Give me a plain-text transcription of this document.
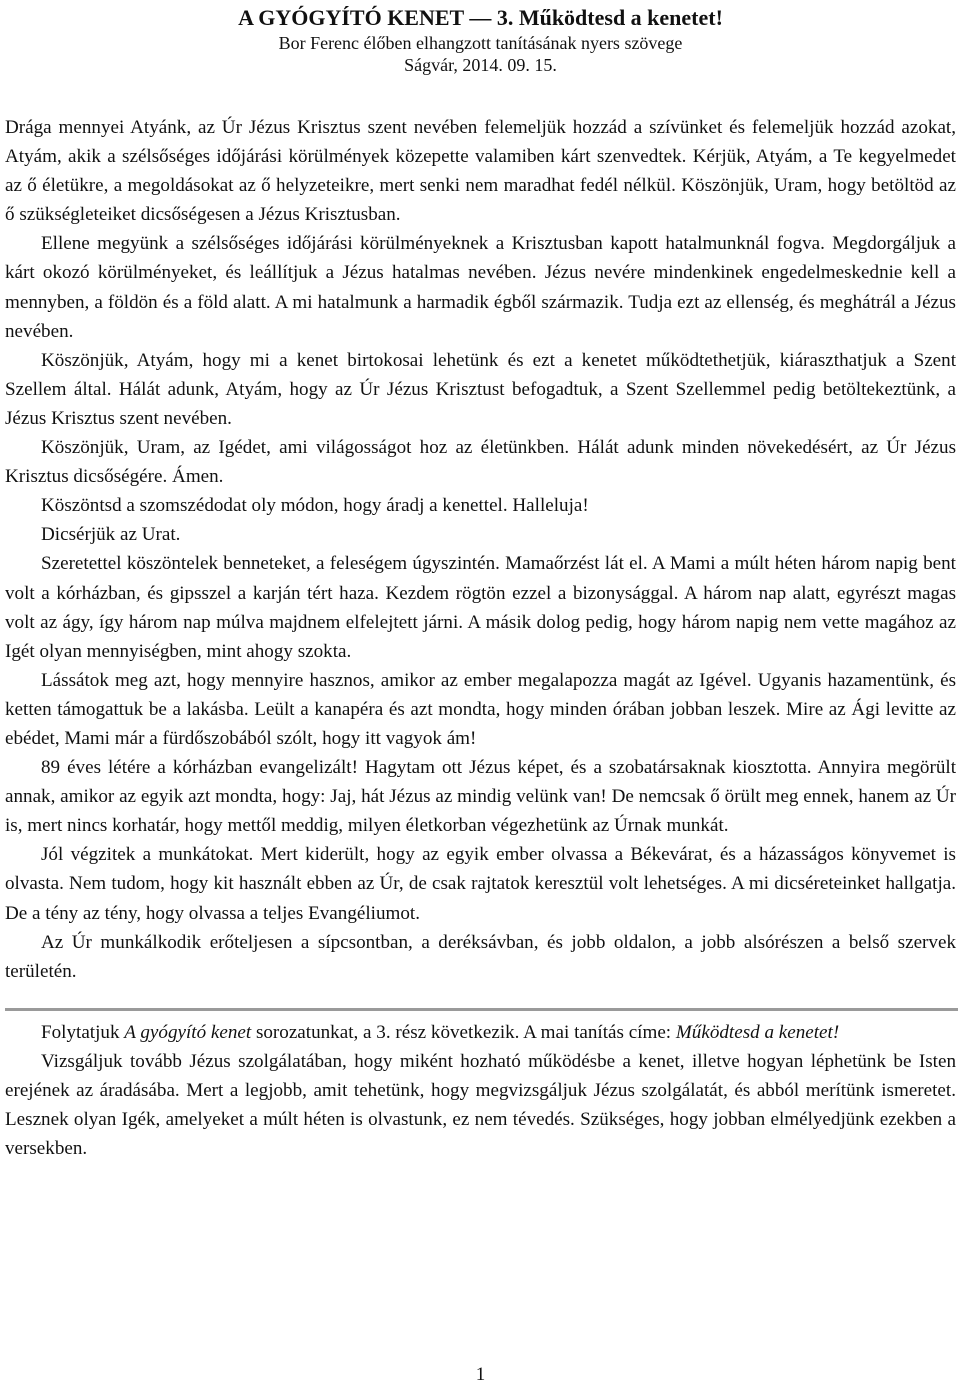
A GYÓGYÍTÓ KENET — 3. Működtesd a kenetet!

Bor Ferenc élőben elhangzott tanításának nyers szövege

Ságvár, 2014. 09. 15.

Drága mennyei Atyánk, az Úr Jézus Krisztus szent nevében felemeljük hozzád a szívünket és felemeljük hozzád azokat, Atyám, akik a szélsőséges időjárási körülmények közepette valamiben kárt szenvedtek. Kérjük, Atyám, a Te kegyelmedet az ő életükre, a megoldásokat az ő helyzeteikre, mert senki nem maradhat fedél nélkül. Köszönjük, Uram, hogy betöltöd az ő szükségleteiket dicsőségesen a Jézus Krisztusban.

Ellene megyünk a szélsőséges időjárási körülményeknek a Krisztusban kapott hatalmunknál fogva. Megdorgáljuk a kárt okozó körülményeket, és leállítjuk a Jézus hatalmas nevében. Jézus nevére mindenkinek engedelmeskednie kell a mennyben, a földön és a föld alatt. A mi hatalmunk a harmadik égből származik. Tudja ezt az ellenség, és meghátrál a Jézus nevében.

Köszönjük, Atyám, hogy mi a kenet birtokosai lehetünk és ezt a kenetet működtethetjük, kiáraszthatjuk a Szent Szellem által. Hálát adunk, Atyám, hogy az Úr Jézus Krisztust befogadtuk, a Szent Szellemmel pedig betöltekeztünk, a Jézus Krisztus szent nevében.

Köszönjük, Uram, az Igédet, ami világosságot hoz az életünkben. Hálát adunk minden növekedésért, az Úr Jézus Krisztus dicsőségére. Ámen.

Köszöntsd a szomszédodat oly módon, hogy áradj a kenettel. Halleluja!

Dicsérjük az Urat.

Szeretettel köszöntelek benneteket, a feleségem úgyszintén. Mamaőrzést lát el. A Mami a múlt héten három napig bent volt a kórházban, és gipsszel a karján tért haza. Kezdem rögtön ezzel a bizonysággal. A három nap alatt, egyrészt magas volt az ágy, így három nap múlva majdnem elfelejtett járni. A másik dolog pedig, hogy három napig nem vette magához az Igét olyan mennyiségben, mint ahogy szokta.

Lássátok meg azt, hogy mennyire hasznos, amikor az ember megalapozza magát az Igével. Ugyanis hazamentünk, és ketten támogattuk be a lakásba. Leült a kanapéra és azt mondta, hogy minden órában jobban leszek. Mire az Ági levitte az ebédet, Mami már a fürdőszobából szólt, hogy itt vagyok ám!

89 éves létére a kórházban evangelizált! Hagytam ott Jézus képet, és a szobatársaknak kiosztotta. Annyira megörült annak, amikor az egyik azt mondta, hogy: Jaj, hát Jézus az mindig velünk van! De nemcsak ő örült meg ennek, hanem az Úr is, mert nincs korhatár, hogy mettől meddig, milyen életkorban végezhetünk az Úrnak munkát.

Jól végzitek a munkátokat. Mert kiderült, hogy az egyik ember olvassa a Békevárat, és a házasságos könyvemet is olvasta. Nem tudom, hogy kit használt ebben az Úr, de csak rajtatok keresztül volt lehetséges. A mi dicséreteinket hallgatja. De a tény az tény, hogy olvassa a teljes Evangéliumot.

Az Úr munkálkodik erőteljesen a sípcsontban, a deréksávban, és jobb oldalon, a jobb alsórészen a belső szervek területén.

Folytatjuk A gyógyító kenet sorozatunkat, a 3. rész következik. A mai tanítás címe: Működtesd a kenetet!

Vizsgáljuk tovább Jézus szolgálatában, hogy miként hozható működésbe a kenet, illetve hogyan léphetünk be Isten erejének az áradásába. Mert a legjobb, amit tehetünk, hogy megvizsgáljuk Jézus szolgálatát, és abból merítünk ismeretet. Lesznek olyan Igék, amelyeket a múlt héten is olvastunk, ez nem tévedés. Szükséges, hogy jobban elmélyedjünk ezekben a versekben.

1
